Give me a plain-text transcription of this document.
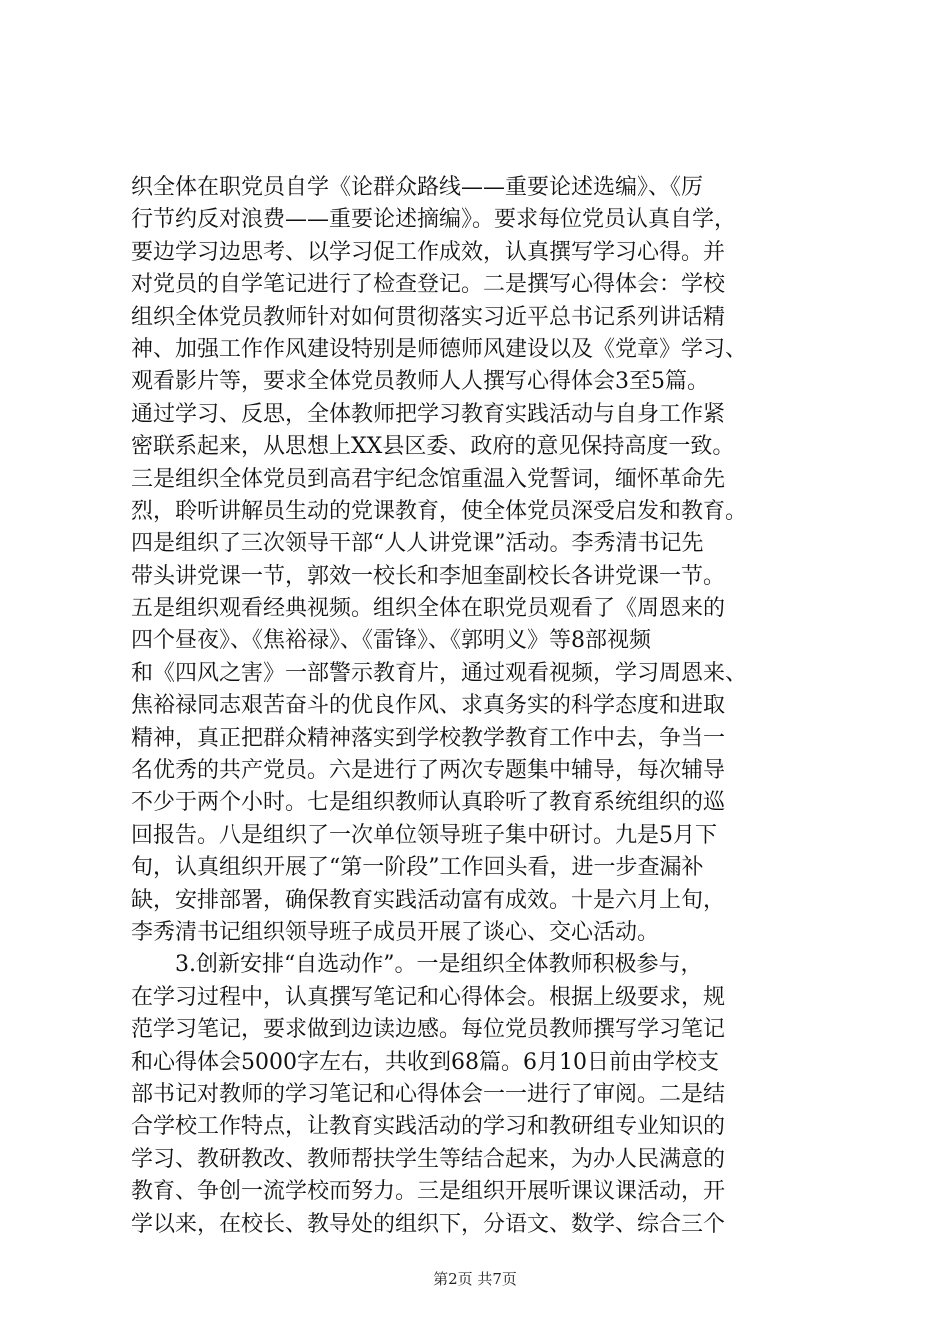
织全体在职党员自学《论群众路线——重要论述选编》、《厉
行节约反对浪费——重要论述摘编》。要求每位党员认真自学，
要边学习边思考、以学习促工作成效，认真撰写学习心得。并
对党员的自学笔记进行了检查登记。二是撰写心得体会：学校
组织全体党员教师针对如何贯彻落实习近平总书记系列讲话精
神、加强工作作风建设特别是师德师风建设以及《党章》学习、
观看影片等，要求全体党员教师人人撰写心得体会3至5篇。
通过学习、反思，全体教师把学习教育实践活动与自身工作紧
密联系起来，从思想上XX县区委、政府的意见保持高度一致。
三是组织全体党员到高君宇纪念馆重温入党誓词，缅怀革命先
烈，聆听讲解员生动的党课教育，使全体党员深受启发和教育。
四是组织了三次领导干部“人人讲党课”活动。李秀清书记先
带头讲党课一节，郭效一校长和李旭奎副校长各讲党课一节。
五是组织观看经典视频。组织全体在职党员观看了《周恩来的
四个昼夜》、《焦裕禄》、《雷锋》、《郭明义》等8部视频
和《四风之害》一部警示教育片，通过观看视频，学习周恩来、
焦裕禄同志艰苦奋斗的优良作风、求真务实的科学态度和进取
精神，真正把群众精神落实到学校教学教育工作中去，争当一
名优秀的共产党员。六是进行了两次专题集中辅导，每次辅导
不少于两个小时。七是组织教师认真聆听了教育系统组织的巡
回报告。八是组织了一次单位领导班子集中研讨。九是5月下
旬，认真组织开展了“第一阶段”工作回头看，进一步查漏补
缺，安排部署，确保教育实践活动富有成效。十是六月上旬，
李秀清书记组织领导班子成员开展了谈心、交心活动。
　　3.创新安排“自选动作”。一是组织全体教师积极参与，
在学习过程中，认真撰写笔记和心得体会。根据上级要求，规
范学习笔记，要求做到边读边感。每位党员教师撰写学习笔记
和心得体会5000字左右，共收到68篇。6月10日前由学校支
部书记对教师的学习笔记和心得体会一一进行了审阅。二是结
合学校工作特点，让教育实践活动的学习和教研组专业知识的
学习、教研教改、教师帮扶学生等结合起来，为办人民满意的
教育、争创一流学校而努力。三是组织开展听课议课活动，开
学以来，在校长、教导处的组织下，分语文、数学、综合三个
第2页 共7页
